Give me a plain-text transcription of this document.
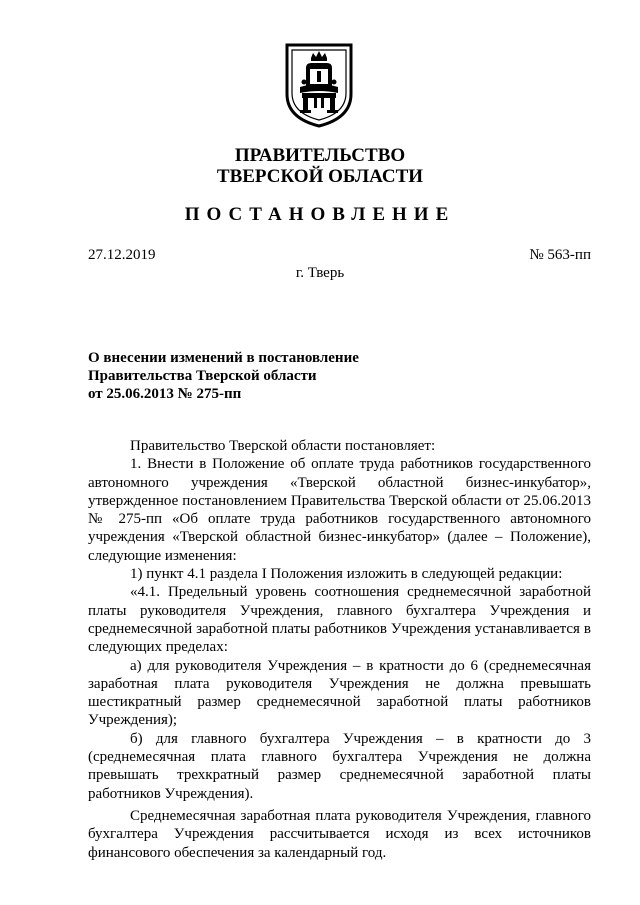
ПРАВИТЕЛЬСТВО
ТВЕРСКОЙ ОБЛАСТИ
ПОСТАНОВЛЕНИЕ
27.12.2019	№ 563-пп
г. Тверь
О внесении изменений в постановление
Правительства Тверской области
от 25.06.2013 № 275-пп

Правительство Тверской области постановляет:

1. Внести в Положение об оплате труда работников государственного автономного учреждения «Тверской областной бизнес-инкубатор», утвержденное постановлением Правительства Тверской области от 25.06.2013 № 275-пп «Об оплате труда работников государственного автономного учреждения «Тверской областной бизнес-инкубатор» (далее – Положение), следующие изменения:

1) пункт 4.1 раздела I Положения изложить в следующей редакции:

«4.1. Предельный уровень соотношения среднемесячной заработной платы руководителя Учреждения, главного бухгалтера Учреждения и среднемесячной заработной платы работников Учреждения устанавливается в следующих пределах:

а) для руководителя Учреждения – в кратности до 6 (среднемесячная заработная плата руководителя Учреждения не должна превышать шестикратный размер среднемесячной заработной платы работников Учреждения);

б) для главного бухгалтера Учреждения – в кратности до 3 (среднемесячная плата главного бухгалтера Учреждения не должна превышать трехкратный размер среднемесячной заработной платы работников Учреждения).

Среднемесячная заработная плата руководителя Учреждения, главного бухгалтера Учреждения рассчитывается исходя из всех источников финансового обеспечения за календарный год.
